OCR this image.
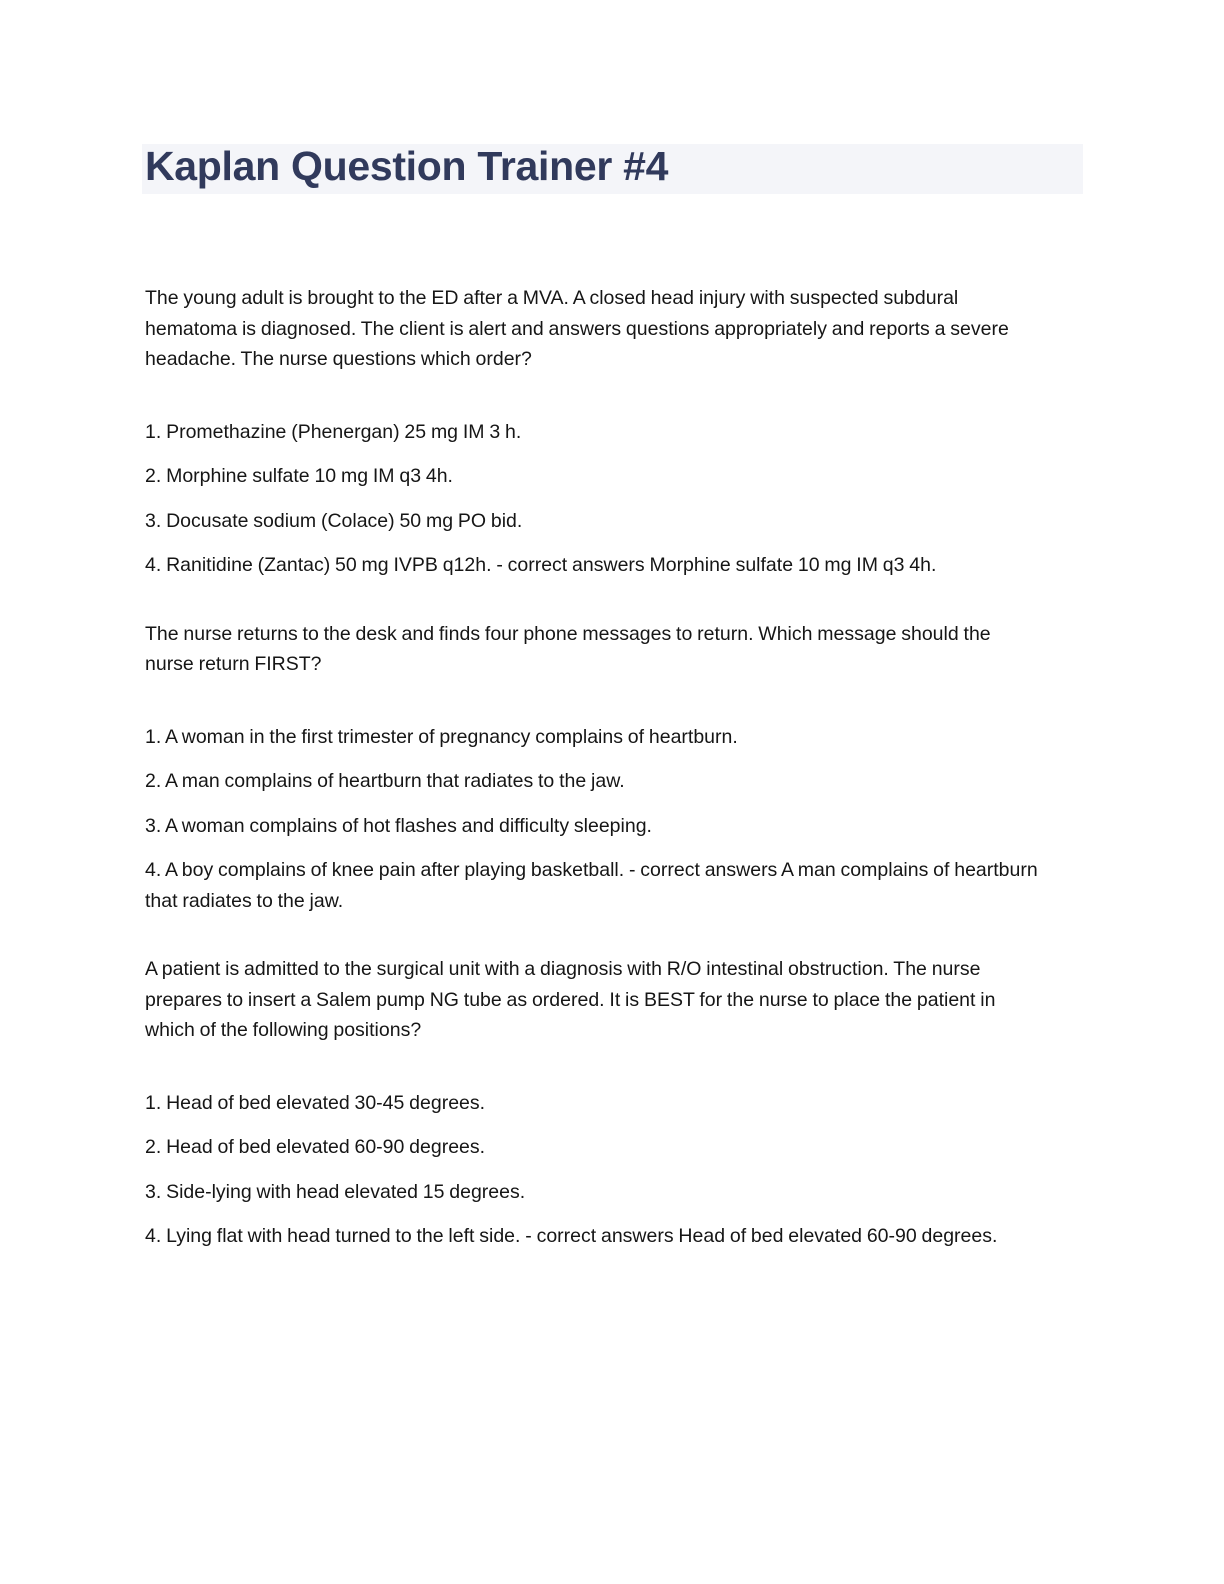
Kaplan Question Trainer #4

The young adult is brought to the ED after a MVA. A closed head injury with suspected subdural hematoma is diagnosed. The client is alert and answers questions appropriately and reports a severe headache. The nurse questions which order?

1. Promethazine (Phenergan) 25 mg IM 3 h.
2. Morphine sulfate 10 mg IM q3 4h.
3. Docusate sodium (Colace) 50 mg PO bid.
4. Ranitidine (Zantac) 50 mg IVPB q12h. - correct answers Morphine sulfate 10 mg IM q3 4h.

The nurse returns to the desk and finds four phone messages to return. Which message should the nurse return FIRST?

1. A woman in the first trimester of pregnancy complains of heartburn.
2. A man complains of heartburn that radiates to the jaw.
3. A woman complains of hot flashes and difficulty sleeping.
4. A boy complains of knee pain after playing basketball. - correct answers A man complains of heartburn that radiates to the jaw.

A patient is admitted to the surgical unit with a diagnosis with R/O intestinal obstruction. The nurse prepares to insert a Salem pump NG tube as ordered. It is BEST for the nurse to place the patient in which of the following positions?

1. Head of bed elevated 30-45 degrees.
2. Head of bed elevated 60-90 degrees.
3. Side-lying with head elevated 15 degrees.
4. Lying flat with head turned to the left side. - correct answers Head of bed elevated 60-90 degrees.
